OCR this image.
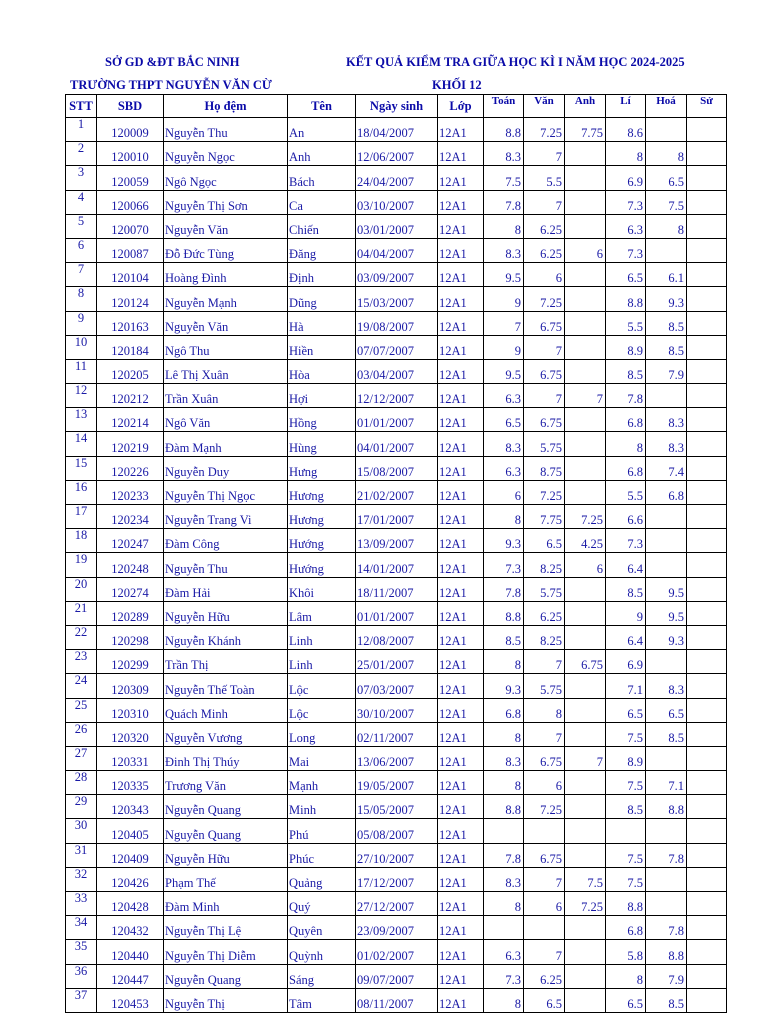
SỞ GD &ĐT BẮC NINH
TRƯỜNG THPT NGUYỄN VĂN CỪ
KẾT QUẢ KIỂM TRA GIỮA HỌC KÌ I NĂM HỌC 2024-2025
KHỐI 12
STT	SBD	Họ đệm	Tên	Ngày sinh	Lớp	Toán	Văn	Anh	Lí	Hoá	Sử
1	120009	Nguyễn Thu	An	18/04/2007	12A1	8.8	7.25	7.75	8.6		
2	120010	Nguyễn Ngọc	Anh	12/06/2007	12A1	8.3	7		8	8	
3	120059	Ngô Ngọc	Bách	24/04/2007	12A1	7.5	5.5		6.9	6.5	
4	120066	Nguyễn Thị Sơn	Ca	03/10/2007	12A1	7.8	7		7.3	7.5	
5	120070	Nguyễn Văn	Chiến	03/01/2007	12A1	8	6.25		6.3	8	
6	120087	Đỗ Đức Tùng	Đăng	04/04/2007	12A1	8.3	6.25	6	7.3		
7	120104	Hoàng Đình	Định	03/09/2007	12A1	9.5	6		6.5	6.1	
8	120124	Nguyễn Mạnh	Dũng	15/03/2007	12A1	9	7.25		8.8	9.3	
9	120163	Nguyễn Văn	Hà	19/08/2007	12A1	7	6.75		5.5	8.5	
10	120184	Ngô Thu	Hiền	07/07/2007	12A1	9	7		8.9	8.5	
11	120205	Lê Thị Xuân	Hòa	03/04/2007	12A1	9.5	6.75		8.5	7.9	
12	120212	Trần Xuân	Hợi	12/12/2007	12A1	6.3	7	7	7.8		
13	120214	Ngô Văn	Hồng	01/01/2007	12A1	6.5	6.75		6.8	8.3	
14	120219	Đàm Mạnh	Hùng	04/01/2007	12A1	8.3	5.75		8	8.3	
15	120226	Nguyễn Duy	Hưng	15/08/2007	12A1	6.3	8.75		6.8	7.4	
16	120233	Nguyễn Thị Ngọc	Hương	21/02/2007	12A1	6	7.25		5.5	6.8	
17	120234	Nguyễn Trang Vi	Hương	17/01/2007	12A1	8	7.75	7.25	6.6		
18	120247	Đàm Công	Hướng	13/09/2007	12A1	9.3	6.5	4.25	7.3		
19	120248	Nguyễn Thu	Hướng	14/01/2007	12A1	7.3	8.25	6	6.4		
20	120274	Đàm Hải	Khôi	18/11/2007	12A1	7.8	5.75		8.5	9.5	
21	120289	Nguyễn Hữu	Lâm	01/01/2007	12A1	8.8	6.25		9	9.5	
22	120298	Nguyễn Khánh	Linh	12/08/2007	12A1	8.5	8.25		6.4	9.3	
23	120299	Trần Thị	Linh	25/01/2007	12A1	8	7	6.75	6.9		
24	120309	Nguyễn Thế Toàn	Lộc	07/03/2007	12A1	9.3	5.75		7.1	8.3	
25	120310	Quách Minh	Lộc	30/10/2007	12A1	6.8	8		6.5	6.5	
26	120320	Nguyễn Vương	Long	02/11/2007	12A1	8	7		7.5	8.5	
27	120331	Đinh Thị Thúy	Mai	13/06/2007	12A1	8.3	6.75	7	8.9		
28	120335	Trương Văn	Mạnh	19/05/2007	12A1	8	6		7.5	7.1	
29	120343	Nguyễn Quang	Minh	15/05/2007	12A1	8.8	7.25		8.5	8.8	
30	120405	Nguyễn Quang	Phú	05/08/2007	12A1						
31	120409	Nguyễn Hữu	Phúc	27/10/2007	12A1	7.8	6.75		7.5	7.8	
32	120426	Phạm Thế	Quảng	17/12/2007	12A1	8.3	7	7.5	7.5		
33	120428	Đàm Minh	Quý	27/12/2007	12A1	8	6	7.25	8.8		
34	120432	Nguyễn Thị Lệ	Quyên	23/09/2007	12A1				6.8	7.8	
35	120440	Nguyễn Thị Diễm	Quỳnh	01/02/2007	12A1	6.3	7		5.8	8.8	
36	120447	Nguyễn Quang	Sáng	09/07/2007	12A1	7.3	6.25		8	7.9	
37	120453	Nguyễn Thị	Tâm	08/11/2007	12A1	8	6.5		6.5	8.5	
